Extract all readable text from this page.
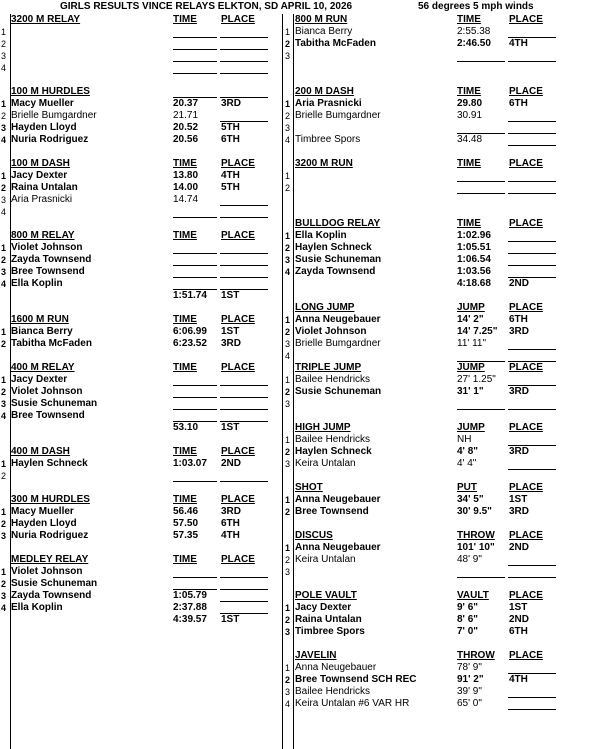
GIRLS RESULTS VINCE RELAYS ELKTON, SD APRIL 10, 2026	56 degrees 5 mph winds
3200 M RELAY	TIME	PLACE
1
2
3
4
100 M HURDLES
1 Macy Mueller	20.37	3RD
2 Brielle Bumgardner	21.71
3 Hayden Lloyd	20.52	5TH
4 Nuria Rodriguez	20.56	6TH
100 M DASH	TIME	PLACE
1 Jacy Dexter	13.80	4TH
2 Raina Untalan	14.00	5TH
3 Aria Prasnicki	14.74
4
800 M RELAY	TIME	PLACE
1 Violet Johnson
2 Zayda Townsend
3 Bree Townsend
4 Ella Koplin
1:51.74	1ST
1600 M RUN	TIME	PLACE
1 Bianca Berry	6:06.99	1ST
2 Tabitha McFaden	6:23.52	3RD
400 M RELAY	TIME	PLACE
1 Jacy Dexter
2 Violet Johnson
3 Susie Schuneman
4 Bree Townsend
53.10	1ST
400 M DASH	TIME	PLACE
1 Haylen Schneck	1:03.07	2ND
2
300 M HURDLES	TIME	PLACE
1 Macy Mueller	56.46	3RD
2 Hayden Lloyd	57.50	6TH
3 Nuria Rodriguez	57.35	4TH
MEDLEY RELAY	TIME	PLACE
1 Violet Johnson
2 Susie Schuneman
3 Zayda Townsend	1:05.79
4 Ella Koplin	2:37.88
4:39.57	1ST
800 M RUN	TIME	PLACE
1 Bianca Berry	2:55.38
2 Tabitha McFaden	2:46.50	4TH
3
200 M DASH	TIME	PLACE
1 Aria Prasnicki	29.80	6TH
2 Brielle Bumgardner	30.91
3
4 Timbree Spors	34.48
3200 M RUN	TIME	PLACE
1
2
BULLDOG RELAY	TIME	PLACE
1 Ella Koplin	1:02.96
2 Haylen Schneck	1:05.51
3 Susie Schuneman	1:06.54
4 Zayda Townsend	1:03.56
4:18.68	2ND
LONG JUMP	JUMP	PLACE
1 Anna Neugebauer	14' 2"	6TH
2 Violet Johnson	14' 7.25"	3RD
3 Brielle Bumgardner	11' 11"
4
TRIPLE JUMP	JUMP	PLACE
1 Bailee Hendricks	27' 1.25"
2 Susie Schuneman	31' 1"	3RD
3
HIGH JUMP	JUMP	PLACE
1 Bailee Hendricks	NH
2 Haylen Schneck	4' 8"	3RD
3 Keira Untalan	4' 4"
SHOT	PUT	PLACE
1 Anna Neugebauer	34' 5"	1ST
2 Bree Townsend	30' 9.5"	3RD
DISCUS	THROW	PLACE
1 Anna Neugebauer	101' 10"	2ND
2 Keira Untalan	48' 9"
3
POLE VAULT	VAULT	PLACE
1 Jacy Dexter	9' 6"	1ST
2 Raina Untalan	8' 6"	2ND
3 Timbree Spors	7' 0"	6TH
JAVELIN	THROW	PLACE
1 Anna Neugebauer	78' 9"
2 Bree Townsend SCH REC	91' 2"	4TH
3 Bailee Hendricks	39' 9"
4 Keira Untalan #6 VAR HR	65' 0"
